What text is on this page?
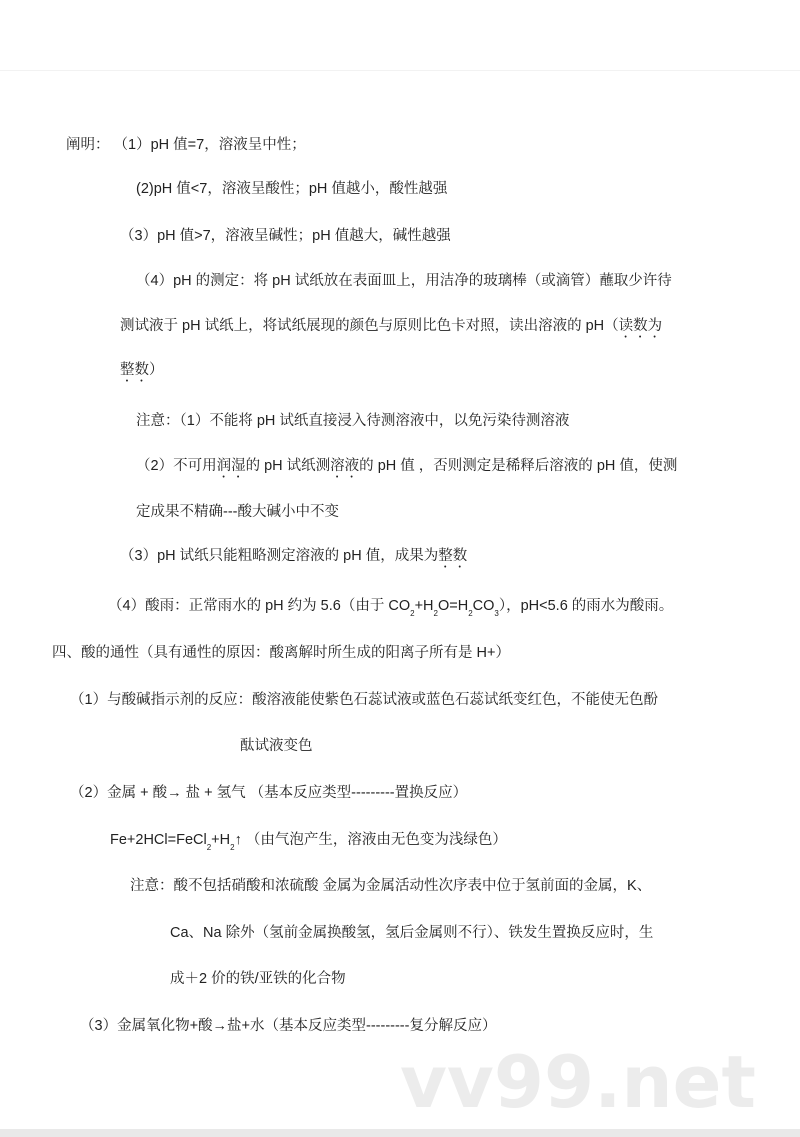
vv99.net
阐明： （1）pH 值=7，溶液呈中性；
(2)pH 值<7，溶液呈酸性；pH 值越小，酸性越强
（3）pH 值>7，溶液呈碱性；pH 值越大，碱性越强
（4）pH 的测定：将 pH 试纸放在表面皿上，用洁净的玻璃棒（或滴管）蘸取少许待
测试液于 pH 试纸上，将试纸展现的颜色与原则比色卡对照，读出溶液的 pH（读数为
整数）
注意：（1）不能将 pH 试纸直接浸入待测溶液中，以免污染待测溶液
（2）不可用润湿的 pH 试纸测溶液的 pH 值 ，否则测定是稀释后溶液的 pH 值，使测
定成果不精确---酸大碱小中不变
（3）pH 试纸只能粗略测定溶液的 pH 值，成果为整数
（4）酸雨：正常雨水的 pH 约为 5.6（由于 $CO_2+H_2O=H_2CO_3$），pH<5.6 的雨水为酸雨。
四、酸的通性（具有通性的原因：酸离解时所生成的阳离子所有是 H+）
（1）与酸碱指示剂的反应：酸溶液能使紫色石蕊试液或蓝色石蕊试纸变红色，不能使无色酚
酞试液变色
（2）金属 + 酸→ 盐 + 氢气 （基本反应类型---------置换反应）
$Fe+2HCl=FeCl_2+H_2↑$ （由气泡产生，溶液由无色变为浅绿色）
注意：酸不包括硝酸和浓硫酸 金属为金属活动性次序表中位于氢前面的金属，K、
Ca、Na 除外（氢前金属换酸氢，氢后金属则不行）、铁发生置换反应时，生
成＋2 价的铁/亚铁的化合物
（3）金属氧化物+酸→盐+水（基本反应类型---------复分解反应）
